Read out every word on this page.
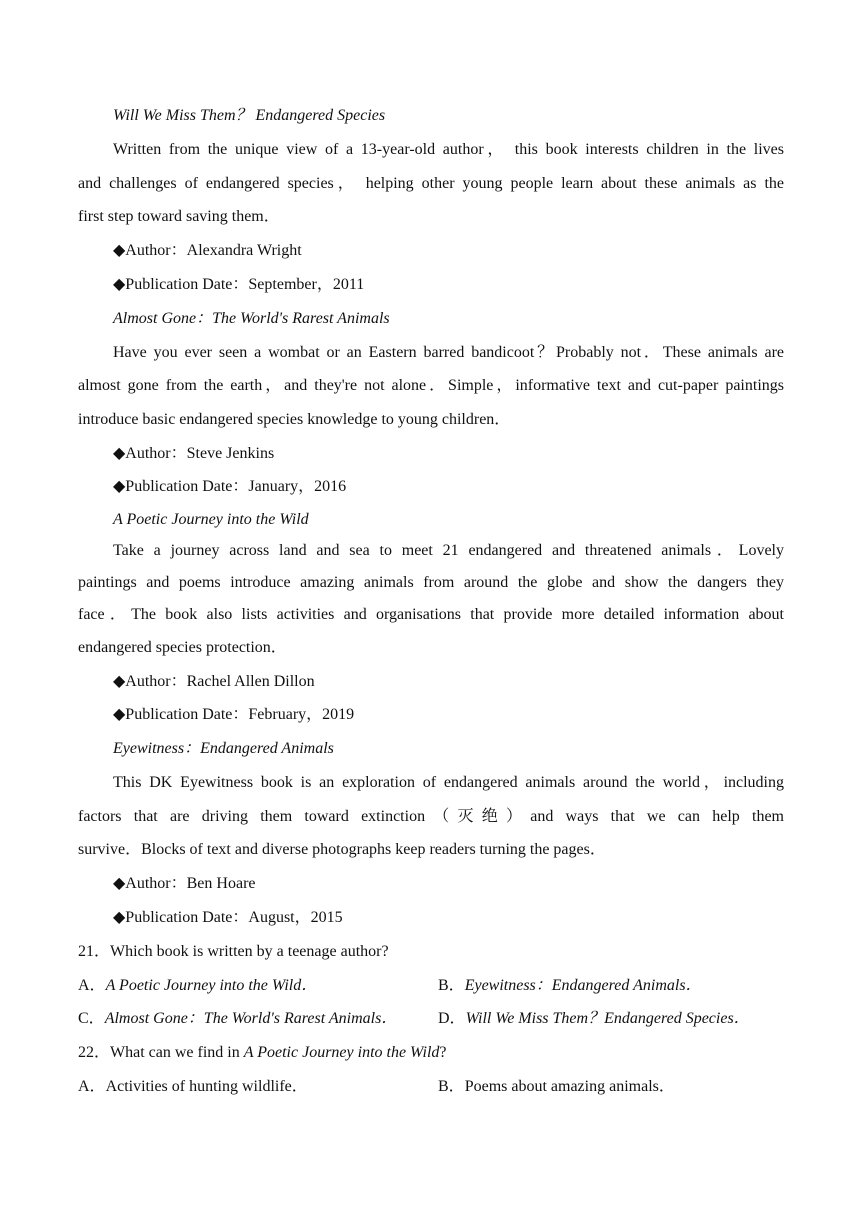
Will We Miss Them？ Endangered Species
Written from the unique view of a 13-year-old author， this book interests children in the lives
and challenges of endangered species， helping other young people learn about these animals as the
first step toward saving them．
◆Author：Alexandra Wright
◆Publication Date：September，2011
Almost Gone：The World's Rarest Animals
Have you ever seen a wombat or an Eastern barred bandicoot？Probably not．These animals are
almost gone from the earth，and they're not alone．Simple，informative text and cut-paper paintings
introduce basic endangered species knowledge to young children．
◆Author：Steve Jenkins
◆Publication Date：January，2016
A Poetic Journey into the Wild
Take a journey across land and sea to meet 21 endangered and threatened animals．Lovely
paintings and poems introduce amazing animals from around the globe and show the dangers they
face．The book also lists activities and organisations that provide more detailed information about
endangered species protection．
◆Author：Rachel Allen Dillon
◆Publication Date：February，2019
Eyewitness：Endangered Animals
This DK Eyewitness book is an exploration of endangered animals around the world，including
factors that are driving them toward extinction（灭绝）and ways that we can help them
survive．Blocks of text and diverse photographs keep readers turning the pages．
◆Author：Ben Hoare
◆Publication Date：August，2015
21．Which book is written by a teenage author?
A．A Poetic Journey into the Wild．	B．Eyewitness：Endangered Animals．
C．Almost Gone：The World's Rarest Animals．	D．Will We Miss Them？Endangered Species．
22．What can we find in A Poetic Journey into the Wild?
A．Activities of hunting wildlife．	B．Poems about amazing animals．
